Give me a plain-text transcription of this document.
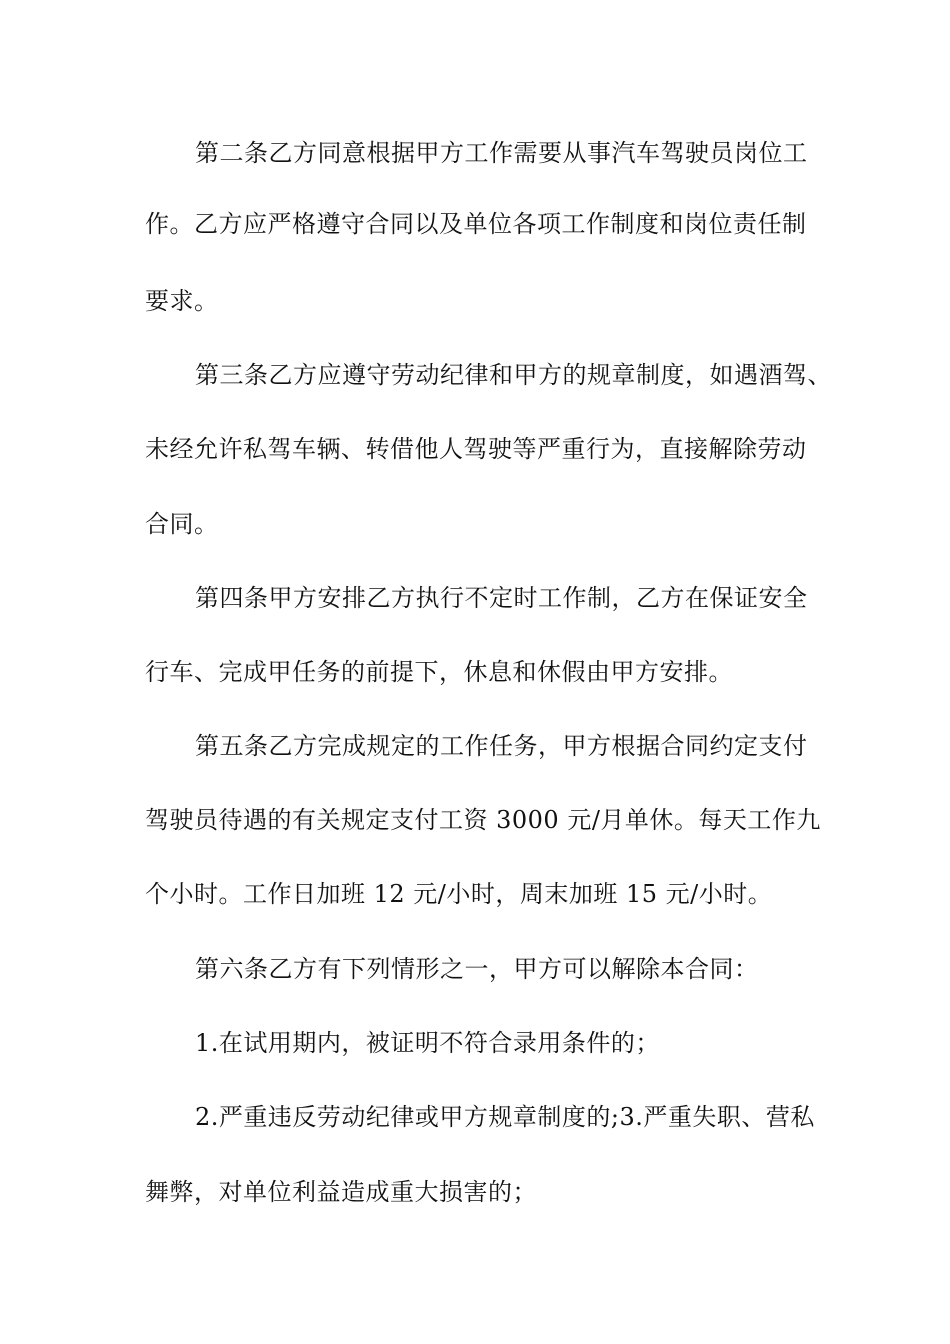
第二条乙方同意根据甲方工作需要从事汽车驾驶员岗位工
作。乙方应严格遵守合同以及单位各项工作制度和岗位责任制
要求。
第三条乙方应遵守劳动纪律和甲方的规章制度，如遇酒驾、
未经允许私驾车辆、转借他人驾驶等严重行为，直接解除劳动
合同。
第四条甲方安排乙方执行不定时工作制，乙方在保证安全
行车、完成甲任务的前提下，休息和休假由甲方安排。
第五条乙方完成规定的工作任务，甲方根据合同约定支付
驾驶员待遇的有关规定支付工资 3000 元/月单休。每天工作九
个小时。工作日加班 12 元/小时，周末加班 15 元/小时。
第六条乙方有下列情形之一，甲方可以解除本合同：
1.在试用期内，被证明不符合录用条件的；
2.严重违反劳动纪律或甲方规章制度的;3.严重失职、营私
舞弊，对单位利益造成重大损害的；
